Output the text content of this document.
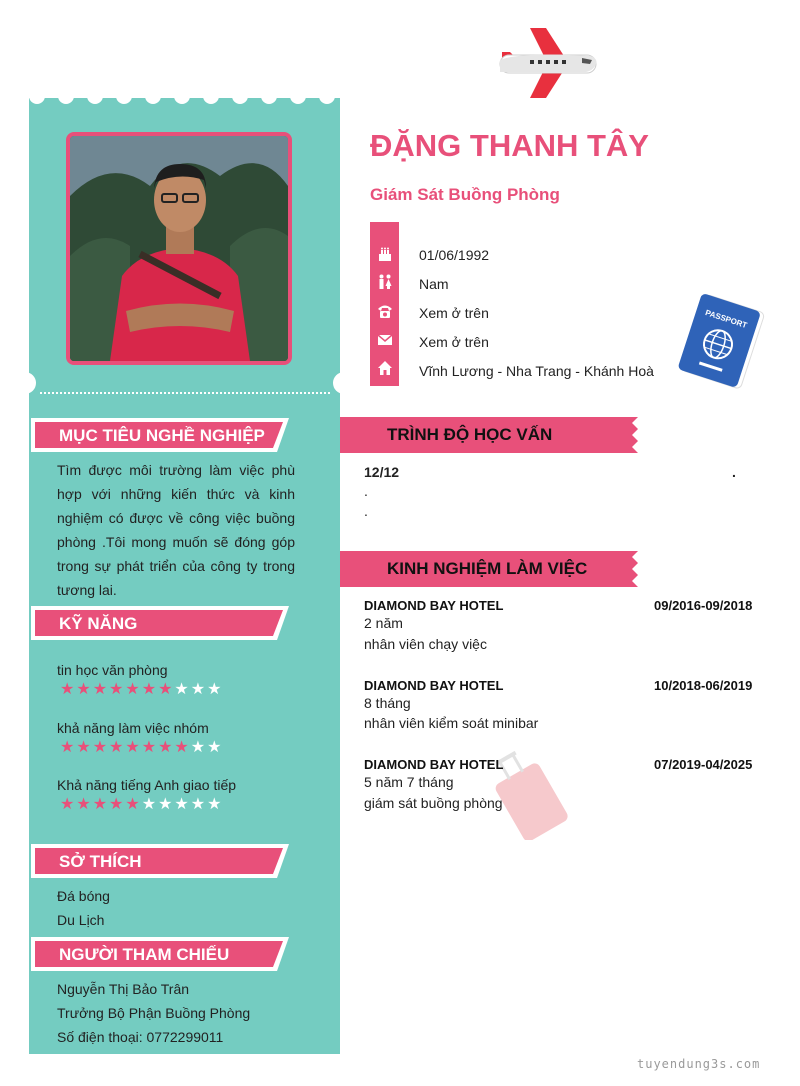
MỤC TIÊU NGHỀ NGHIỆP

Tìm được môi trường làm việc phù hợp với những kiến thức và kinh nghiệm có được về công việc buồng phòng .Tôi mong muốn sẽ đóng góp trong sự phát triển của công ty trong tương lai.

KỸ NĂNG
tin học văn phòng
★★★★★★★★★★
khả năng làm việc nhóm
★★★★★★★★★★
Khả năng tiếng Anh giao tiếp
★★★★★★★★★★
SỞ THÍCH
Đá bóng
Du Lịch
NGƯỜI THAM CHIẾU
Nguyễn Thị Bảo Trân
Trưởng Bộ Phận Buồng Phòng
Số điện thoại: 0772299011
ĐẶNG THANH TÂY
Giám Sát Buồng Phòng
01/06/1992
Nam
Xem ở trên
Xem ở trên
Vĩnh Lương - Nha Trang - Khánh Hoà
PASSPORT
TRÌNH ĐỘ HỌC VẤN
12/12	.
.
.
KINH NGHIỆM LÀM VIỆC
DIAMOND BAY HOTEL	09/2016-09/2018
2 năm
nhân viên chạy việc
DIAMOND BAY HOTEL	10/2018-06/2019
8 tháng
nhân viên kiểm soát minibar
DIAMOND BAY HOTEL	07/2019-04/2025
5 năm 7 tháng
giám sát buồng phòng
tuyendung3s.com
